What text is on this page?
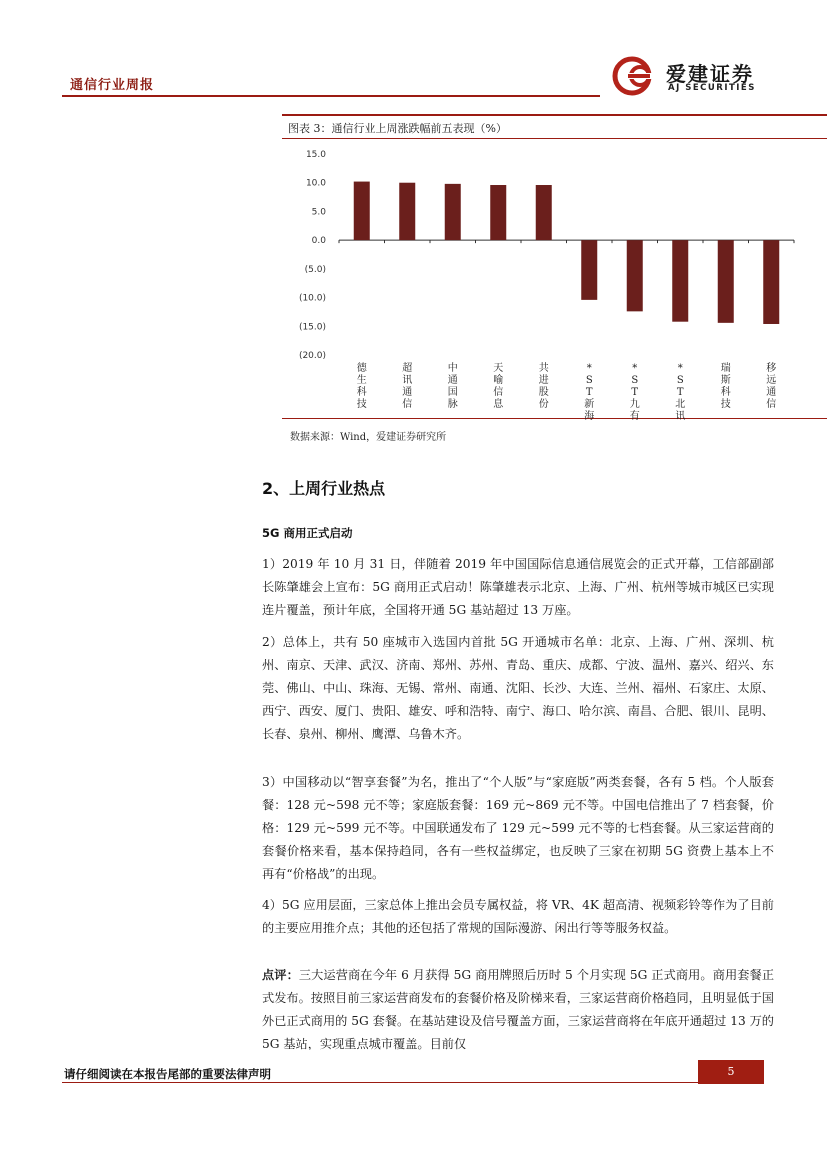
通信行业周报	爱建证券
AJ SECURITIES
图表 3：通信行业上周涨跌幅前五表现（%）
15.0
10.0
5.0
0.0
(5.0)
(10.0)
(15.0)
(20.0)
德生科技
超讯通信
中通国脉
天喻信息
共进股份
* S T 新海
* S T 九有
* S T 北讯
瑞斯科技
移远通信
数据来源：Wind，爱建证券研究所
2、上周行业热点
5G 商用正式启动
1）2019 年 10 月 31 日，伴随着 2019 年中国国际信息通信展览会的正式开幕，工信部副部长陈肇雄会上宣布：5G 商用正式启动！陈肇雄表示北京、上海、广州、杭州等城市城区已实现连片覆盖，预计年底，全国将开通 5G 基站超过 13 万座。
2）总体上，共有 50 座城市入选国内首批 5G 开通城市名单：北京、上海、广州、深圳、杭州、南京、天津、武汉、济南、郑州、苏州、青岛、重庆、成都、宁波、温州、嘉兴、绍兴、东莞、佛山、中山、珠海、无锡、常州、南通、沈阳、长沙、大连、兰州、福州、石家庄、太原、西宁、西安、厦门、贵阳、雄安、呼和浩特、南宁、海口、哈尔滨、南昌、合肥、银川、昆明、长春、泉州、柳州、鹰潭、乌鲁木齐。
3）中国移动以“智享套餐”为名，推出了“个人版”与“家庭版”两类套餐，各有 5 档。个人版套餐：128 元~598 元不等；家庭版套餐：169 元~869 元不等。中国电信推出了 7 档套餐，价格：129 元~599 元不等。中国联通发布了 129 元~599 元不等的七档套餐。从三家运营商的套餐价格来看，基本保持趋同，各有一些权益绑定，也反映了三家在初期 5G 资费上基本上不再有“价格战”的出现。
4）5G 应用层面，三家总体上推出会员专属权益，将 VR、4K 超高清、视频彩铃等作为了目前的主要应用推介点；其他的还包括了常规的国际漫游、闲出行等等服务权益。
点评：三大运营商在今年 6 月获得 5G 商用牌照后历时 5 个月实现 5G 正式商用。商用套餐正式发布。按照目前三家运营商发布的套餐价格及阶梯来看，三家运营商价格趋同，且明显低于国外已正式商用的 5G 套餐。在基站建设及信号覆盖方面，三家运营商将在年底开通超过 13 万的 5G 基站，实现重点城市覆盖。目前仅
请仔细阅读在本报告尾部的重要法律声明	5
